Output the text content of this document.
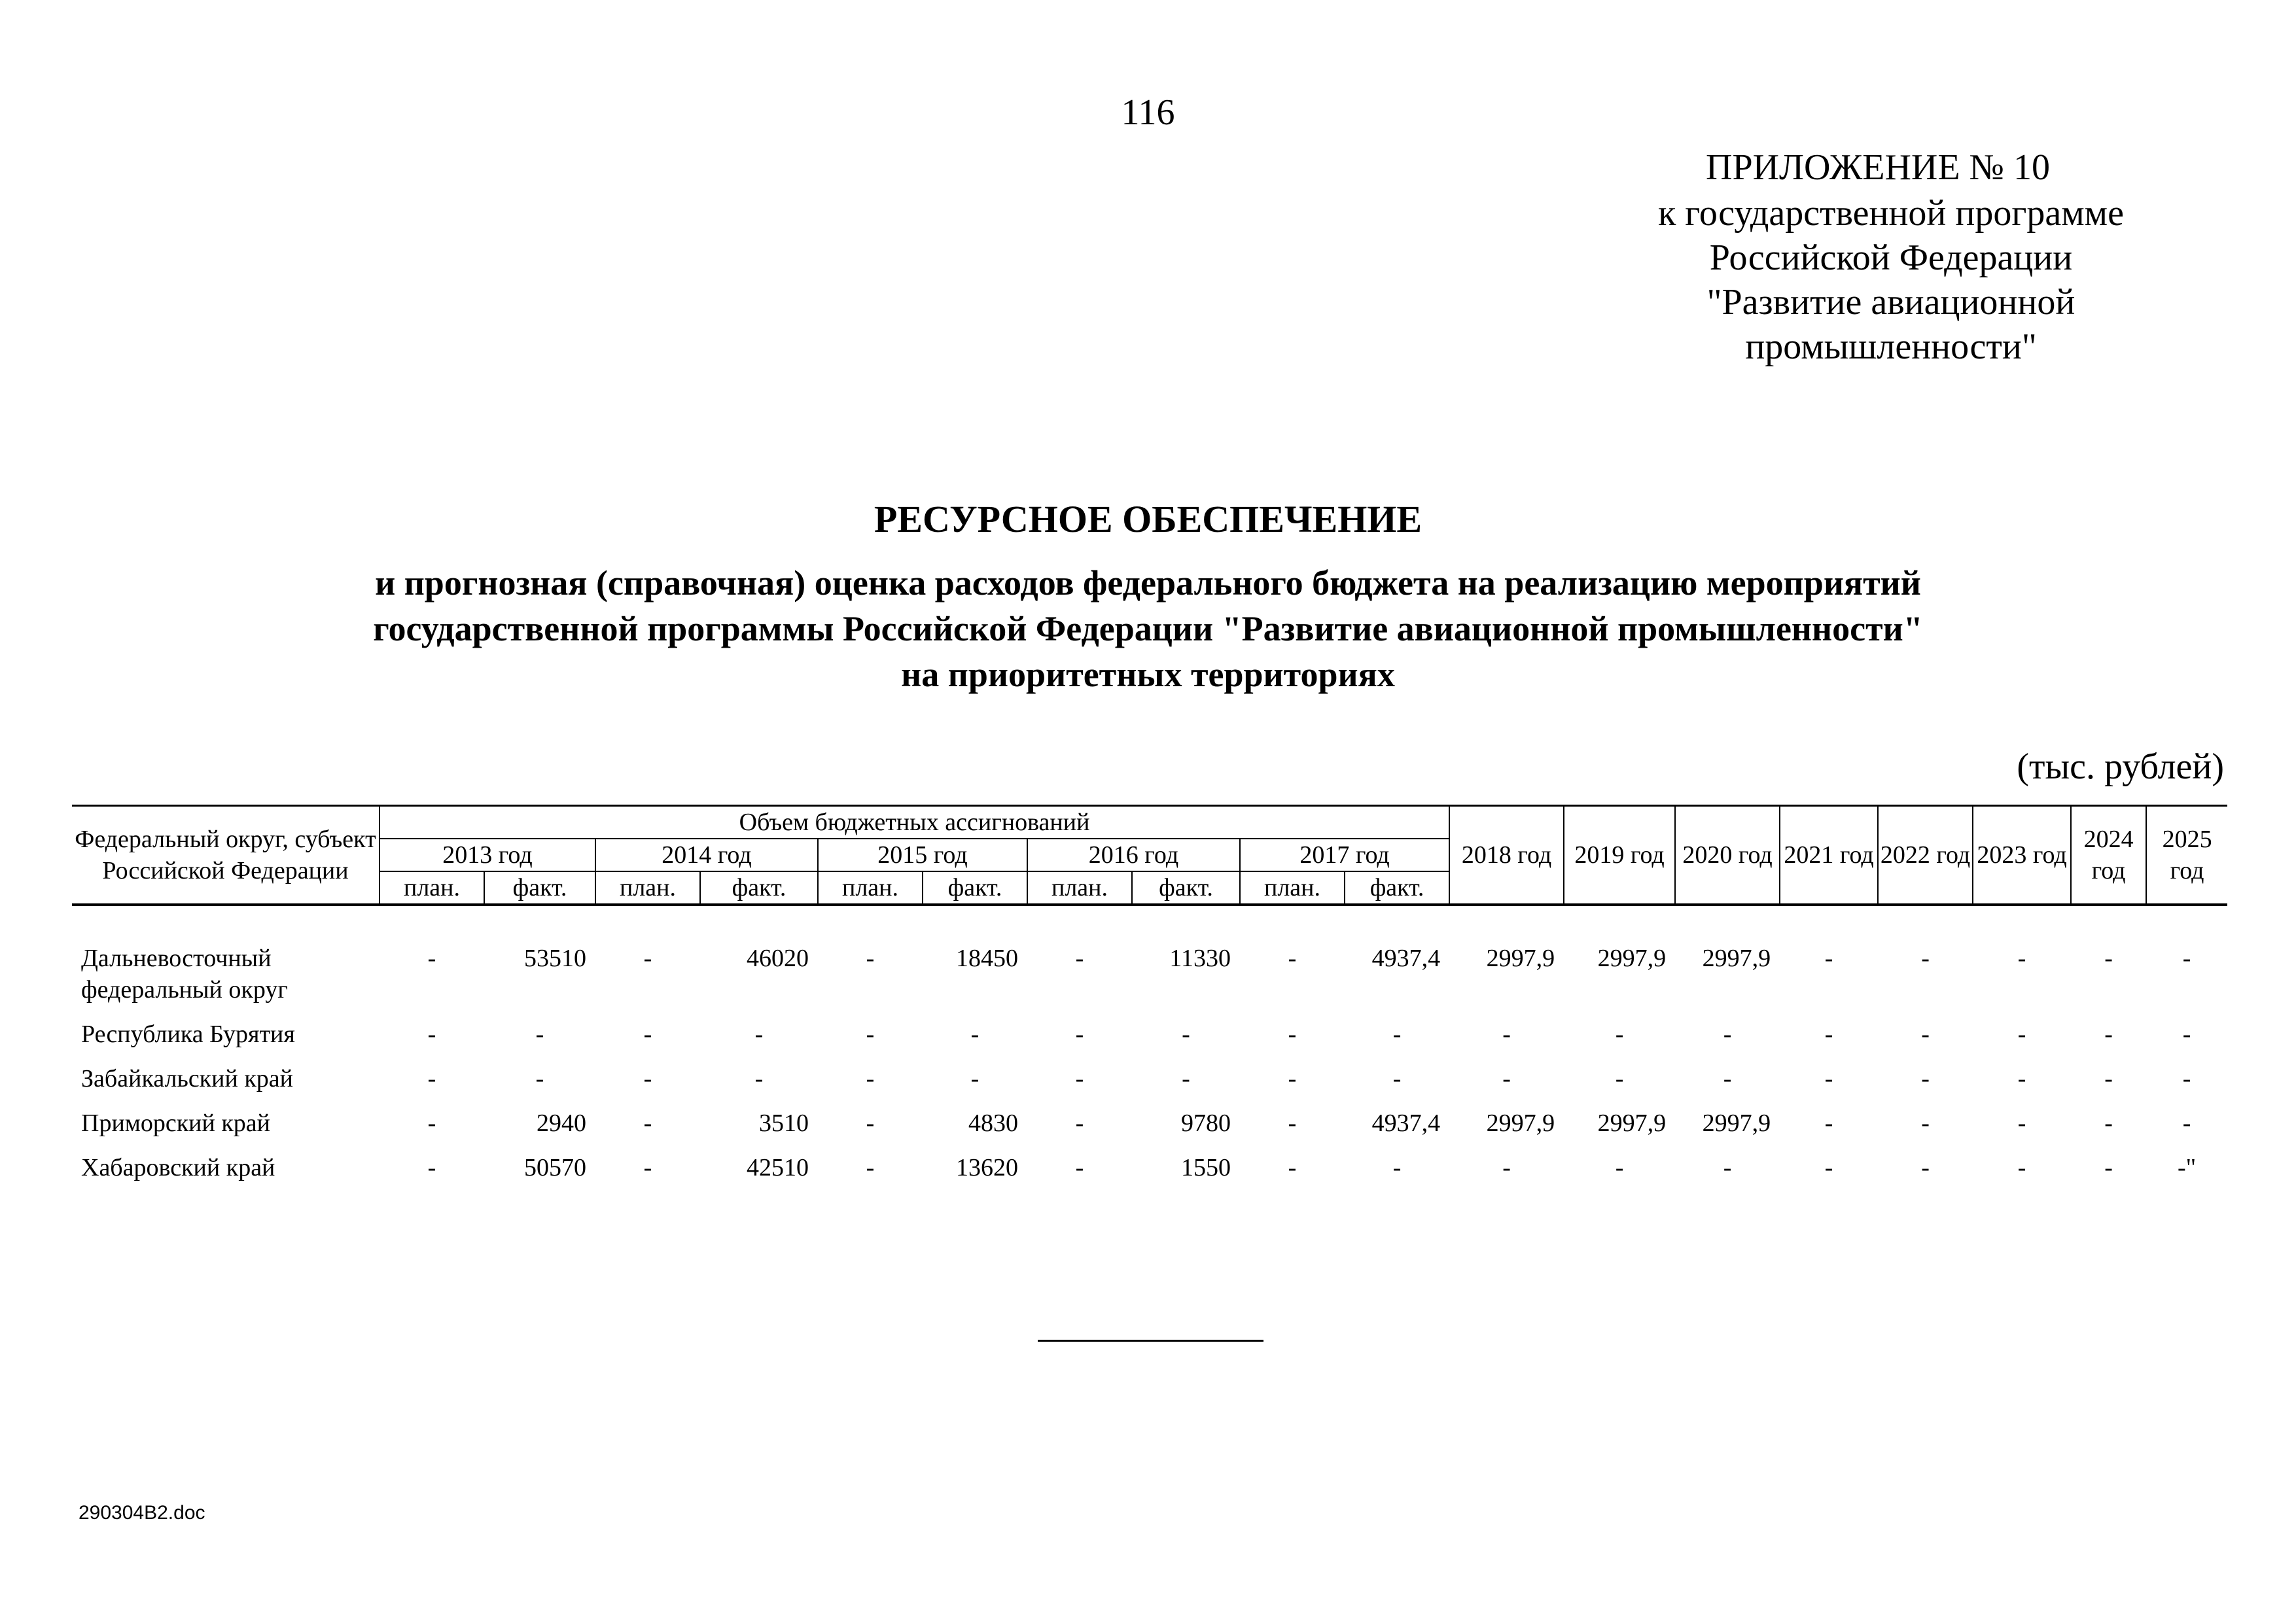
116
ПРИЛОЖЕНИЕ № 10
к государственной программе
Российской Федерации
"Развитие авиационной
промышленности"
РЕСУРСНОЕ ОБЕСПЕЧЕНИЕ
и прогнозная (справочная) оценка расходов федерального бюджета на реализацию мероприятий
государственной программы Российской Федерации "Развитие авиационной промышленности"
на приоритетных территориях
(тыс. рублей)
Федеральный округ, субъект Российской Федерации	Объем бюджетных ассигнований										2018 год	2019 год	2020 год	2021 год	2022 год	2023 год	2024 год	2025 год
	2013 год		2014 год		2015 год		2016 год		2017 год									
	план.	факт.	план.	факт.	план.	факт.	план.	факт.	план.	факт.								

Дальневосточный федеральный округ	-	53510	-	46020	-	18450	-	11330	-	4937,4	2997,9	2997,9	2997,9	-	-	-	-	-
Республика Бурятия	-	-	-	-	-	-	-	-	-	-	-	-	-	-	-	-	-	-
Забайкальский край	-	-	-	-	-	-	-	-	-	-	-	-	-	-	-	-	-	-
Приморский край	-	2940	-	3510	-	4830	-	9780	-	4937,4	2997,9	2997,9	2997,9	-	-	-	-	-
Хабаровский край	-	50570	-	42510	-	13620	-	1550	-	-	-	-	-	-	-	-	-	-"
290304В2.doc
